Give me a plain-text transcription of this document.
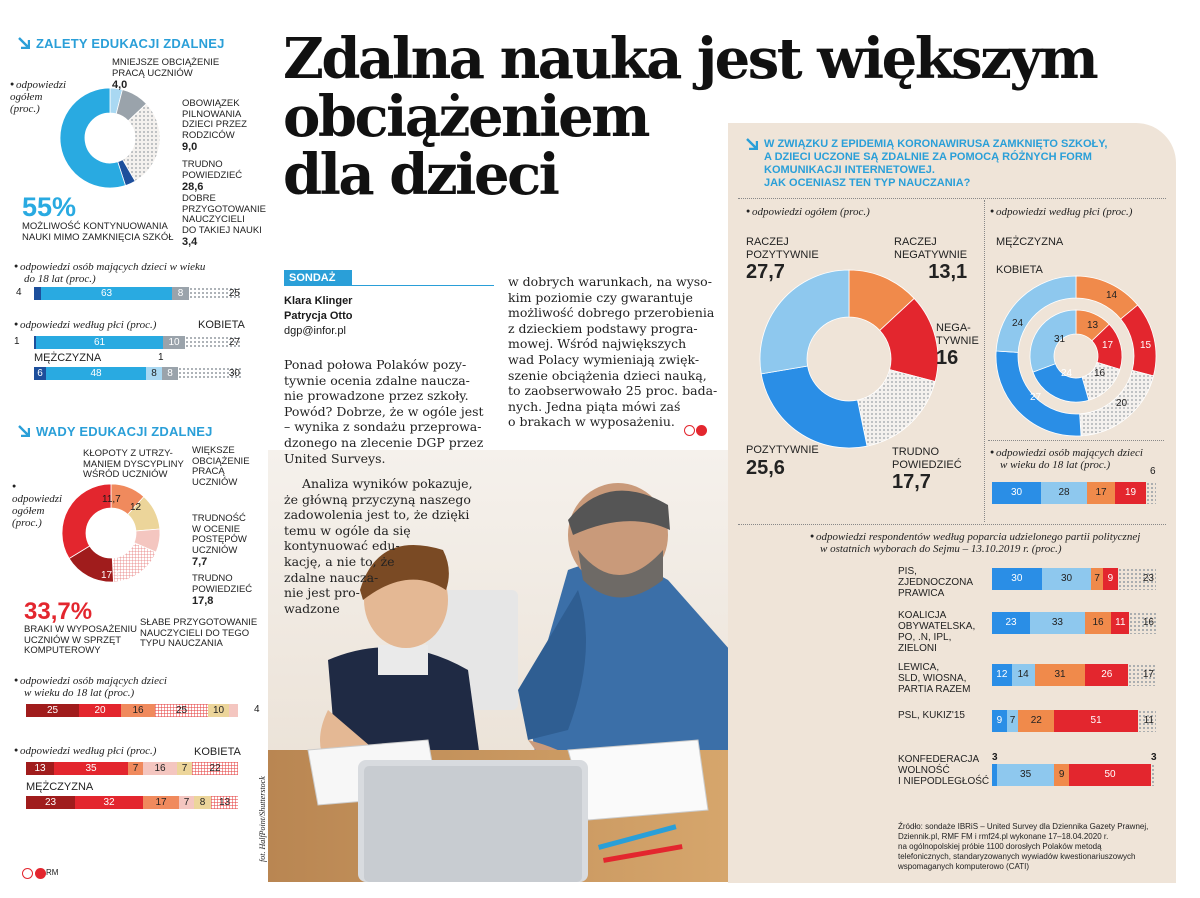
ZALETY EDUKACJI ZDALNEJ
● odpowiedzi ogółem (proc.)
MNIEJSZE OBCIĄŻENIE
PRACĄ UCZNIÓW
4,0
OBOWIĄZEK
PILNOWANIA
DZIECI PRZEZ
RODZICÓW
9,0
TRUDNO
POWIEDZIEĆ
28,6
DOBRE
PRZYGOTOWANIE
NAUCZYCIELI
DO TAKIEJ NAUKI
3,4
55%
MOŻLIWOŚĆ KONTYNUOWANIA
NAUKI MIMO ZAMKNIĘCIA SZKÓŁ
● odpowiedzi osób mających dzieci w wieku
do 18 lat (proc.)
4	63	8	25
● odpowiedzi według płci (proc.)	KOBIETA
1	61	10	27
MĘŻCZYZNA	1
6	48	8	8	30
WADY EDUKACJI ZDALNEJ
● odpowiedzi ogółem (proc.)
11,7
12
17,1
KŁOPOTY Z UTRZY-
MANIEM DYSCYPLINY
WŚRÓD UCZNIÓW
WIĘKSZE
OBCIĄŻENIE
PRACĄ
UCZNIÓW
TRUDNOŚĆ
W OCENIE
POSTĘPÓW
UCZNIÓW
7,7
TRUDNO
POWIEDZIEĆ
17,8
SŁABE PRZYGOTOWANIE
NAUCZYCIELI DO TEGO
TYPU NAUCZANIA
33,7%
BRAKI W WYPOSAŻENIU
UCZNIÓW W SPRZĘT
KOMPUTEROWY
● odpowiedzi osób mających dzieci
w wieku do 18 lat (proc.)
25	20	16	25	10	4
● odpowiedzi według płci (proc.)	KOBIETA
13	35	7	16	7	22
MĘŻCZYZNA
23	32	17	7	8	13
RM
Zdalna nauka jest większym
obciążeniem
dla dzieci
fot. HalfPoint/Shutterstock
SONDAŻ
Klara Klinger
Patrycja Otto
dgp@infor.pl
Ponad połowa Polaków pozy-
tywnie ocenia zdalne naucza-
nie prowadzone przez szkoły.
Powód? Dobrze, że w ogóle jest
– wynika z sondażu przeprowa-
dzonego na zlecenie DGP przez
United Surveys.
Analiza wyników pokazuje,
że główną przyczyną naszego
zadowolenia jest to, że dzięki
temu w ogóle da się
kontynuować edu-
kację, a nie to, że
zdalne naucza-
nie jest pro-
wadzone
w dobrych warunkach, na wyso-
kim poziomie czy gwarantuje
możliwość dobrego przerobienia
z dzieckiem podstawy progra-
mowej. Wśród największych
wad Polacy wymieniają zwięk-
szenie obciążenia dzieci nauką,
to zaobserwowało 25 proc. badа-
nych. Jedna piąta mówi zaś
o brakach w wyposażeniu.
W ZWIĄZKU Z EPIDEMIĄ KORONAWIRUSA ZAMKNIĘTO SZKOŁY,
A DZIECI UCZONE SĄ ZDALNIE ZA POMOCĄ RÓŻNYCH FORM
KOMUNIKACJI INTERNETOWEJ.
JAK OCENIASZ TEN TYP NAUCZANIA?
● odpowiedzi ogółem (proc.)	● odpowiedzi według płci (proc.)
RACZEJ
POZYTYWNIE
27,7
RACZEJ
NEGATYWNIE
13,1
NEGA-
TYWNIE
16
POZYTYWNIE
25,6
TRUDNO
POWIEDZIEĆ
17,7
MĘŻCZYZNA
KOBIETA
14
15
20
27
24	13
17
16
24
31
● odpowiedzi osób mających dzieci
w wieku do 18 lat (proc.)
6
30	28	17	19
● odpowiedzi respondentów według poparcia udzielonego partii politycznej
w ostatnich wyborach do Sejmu – 13.10.2019 r. (proc.)
PIS,
ZJEDNOCZONA
PRAWICA
30	30	7 9	23
KOALICJA
OBYWATELSKA,
PO, .N, IPL,
ZIELONI
23	33	16	11	16
LEWICA,
SLD, WIOSNA,
PARTIA RAZEM
12	14	31	26	17
PSL, KUKIZ'15	9 7	22	51	11
KONFEDERACJA
WOLNOŚĆ
I NIEPODLEGŁOŚĆ
35	9	50
3	3
Źródło: sondaże IBRiS – United Survey dla Dziennika Gazety Prawnej,
Dziennik.pl, RMF FM i rmf24.pl wykonane 17–18.04.2020 r.
na ogólnopolskiej próbie 1100 dorosłych Polaków metodą
telefonicznych, standaryzowanych wywiadów kwestionariuszowych
wspomaganych komputerowo (CATI)
